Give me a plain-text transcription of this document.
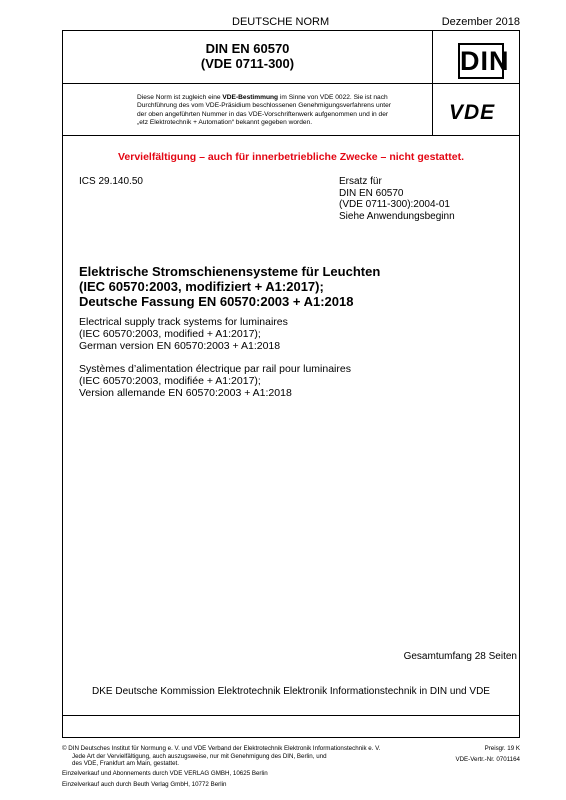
DEUTSCHE NORM	Dezember 2018
DIN EN 60570
(VDE 0711-300)	DIN
Diese Norm ist zugleich eine VDE-Bestimmung im Sinne von VDE 0022. Sie ist nach
Durchführung des vom VDE-Präsidium beschlossenen Genehmigungsverfahrens unter
der oben angeführten Nummer in das VDE-Vorschriftenwerk aufgenommen und in der
„etz Elektrotechnik + Automation“ bekannt gegeben worden.	VDE
Vervielfältigung – auch für innerbetriebliche Zwecke – nicht gestattet.
ICS 29.140.50	Ersatz für
DIN EN 60570
(VDE 0711-300):2004-01
Siehe Anwendungsbeginn
Elektrische Stromschienensysteme für Leuchten
(IEC 60570:2003, modifiziert + A1:2017);
Deutsche Fassung EN 60570:2003 + A1:2018
Electrical supply track systems for luminaires
(IEC 60570:2003, modified + A1:2017);
German version EN 60570:2003 + A1:2018
Systèmes d’alimentation électrique par rail pour luminaires
(IEC 60570:2003, modifiée + A1:2017);
Version allemande EN 60570:2003 + A1:2018
Gesamtumfang 28 Seiten
DKE Deutsche Kommission Elektrotechnik Elektronik Informationstechnik in DIN und VDE
© DIN Deutsches Institut für Normung e. V. und VDE Verband der Elektrotechnik Elektronik Informationstechnik e. V.
Jede Art der Vervielfältigung, auch auszugsweise, nur mit Genehmigung des DIN, Berlin, und
des VDE, Frankfurt am Main, gestattet.
Einzelverkauf und Abonnements durch VDE VERLAG GMBH, 10625 Berlin
Einzelverkauf auch durch Beuth Verlag GmbH, 10772 Berlin
Preisgr. 19 K
VDE-Vertr.-Nr. 0701164
